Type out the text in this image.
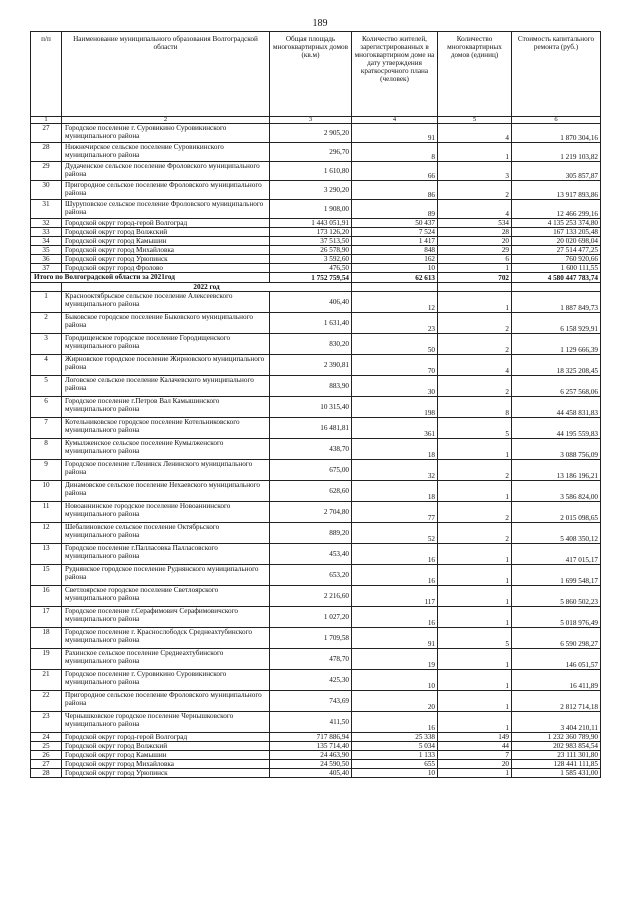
189
п/п	Наименование муниципального образования Волгоградской области	Общая площадь многоквартирных домов (кв.м)	Количество жителей, зарегистрированных в многоквартирном доме на дату утверждения краткосрочного плана (человек)	Количество многоквартирных домов (единиц)	Стоимость капитального ремонта (руб.)
1	2	3	4	5	6
27	Городское поселение г. Суровикино Суровикинского муниципального района	2 905,20	91	4	1 870 304,16
28	Нижнечирское сельское поселение Суровикинского муниципального района	296,70	8	1	1 219 103,82
29	Дудаченское сельское поселение Фроловского муниципального района	1 610,80	66	3	305 857,87
30	Пригородное сельское поселение Фроловского муниципального района	3 290,20	86	2	13 917 893,86
31	Шуруповское сельское поселение Фроловского муниципального района	1 908,00	89	4	12 466 299,16
32	Городской округ город-герой Волгоград	1 443 051,91	50 437	534	4 135 253 374,80
33	Городской округ город Волжский	173 126,20	7 524	28	167 133 205,48
34	Городской округ город Камышин	37 513,50	1 417	20	20 020 698,04
35	Городской округ город Михайловка	26 578,90	848	29	27 514 477,25
36	Городской округ город Урюпинск	3 592,60	162	6	760 920,66
37	Городской округ город Фролово	476,50	10	1	1 600 111,55
Итого по Волгоградской области за 2021год		1 752 759,54	62 613	702	4 580 447 783,74
	2022 год				
1	Краснооктябрьское сельское поселение Алексеевского муниципального района	406,40	12	1	1 887 849,73
2	Быковское городское поселение Быковского муниципального района	1 631,40	23	2	6 158 929,91
3	Городищенское городское поселение Городищенского муниципального района	830,20	50	2	1 129 666,39
4	Жирновское городское поселение Жирновского муниципального района	2 390,81	70	4	18 325 208,45
5	Логовское сельское поселение Калачевского муниципального района	883,90	30	2	6 257 568,06
6	Городское поселение г.Петров Вал Камышинского муниципального района	10 315,40	198	8	44 458 831,83
7	Котельниковское городское поселение Котельниковского муниципального района	16 481,81	361	5	44 195 559,83
8	Кумылженское сельское поселение Кумылженского муниципального района	438,70	18	1	3 088 756,09
9	Городское поселение г.Ленинск Ленинского муниципального района	675,00	32	2	13 186 196,21
10	Динамовское сельское поселение Нехаевского муниципального района	628,60	18	1	3 586 824,00
11	Новоаннинское городское поселение Новоаннинского муниципального района	2 704,80	77	2	2 015 098,65
12	Шебалиновское сельское поселение Октябрьского муниципального района	889,20	52	2	5 408 350,12
13	Городское поселение г.Палласовка Палласовского муниципального района	453,40	16	1	417 015,17
15	Руднянское городское поселение Руднянского муниципального района	653,20	16	1	1 699 548,17
16	Светлоярское городское поселение Светлоярского муниципального района	2 216,60	117	1	5 860 502,23
17	Городское поселение г.Серафимович Серафимовичского муниципального района	1 027,20	16	1	5 018 976,49
18	Городское поселение г. Краснослободск Среднеахтубинского муниципального района	1 709,58	91	5	6 590 298,27
19	Рахинское сельское поселение Среднеахтубинского муниципального района	478,70	19	1	146 051,57
21	Городское поселение г. Суровикино Суровикинского муниципального района	425,30	10	1	16 411,89
22	Пригородное сельское поселение Фроловского муниципального района	743,69	20	1	2 812 714,18
23	Чернышковское городское поселение Чернышковского муниципального района	411,50	16	1	3 404 210,11
24	Городской округ город-герой Волгоград	717 886,94	25 338	149	1 232 360 789,90
25	Городской округ город Волжский	135 714,40	5 034	44	202 983 854,54
26	Городской округ город Камышин	24 463,90	1 133	7	23 111 301,80
27	Городской округ город Михайловка	24 590,50	655	20	128 441 111,85
28	Городской округ город Урюпинск	405,40	10	1	1 585 431,00
